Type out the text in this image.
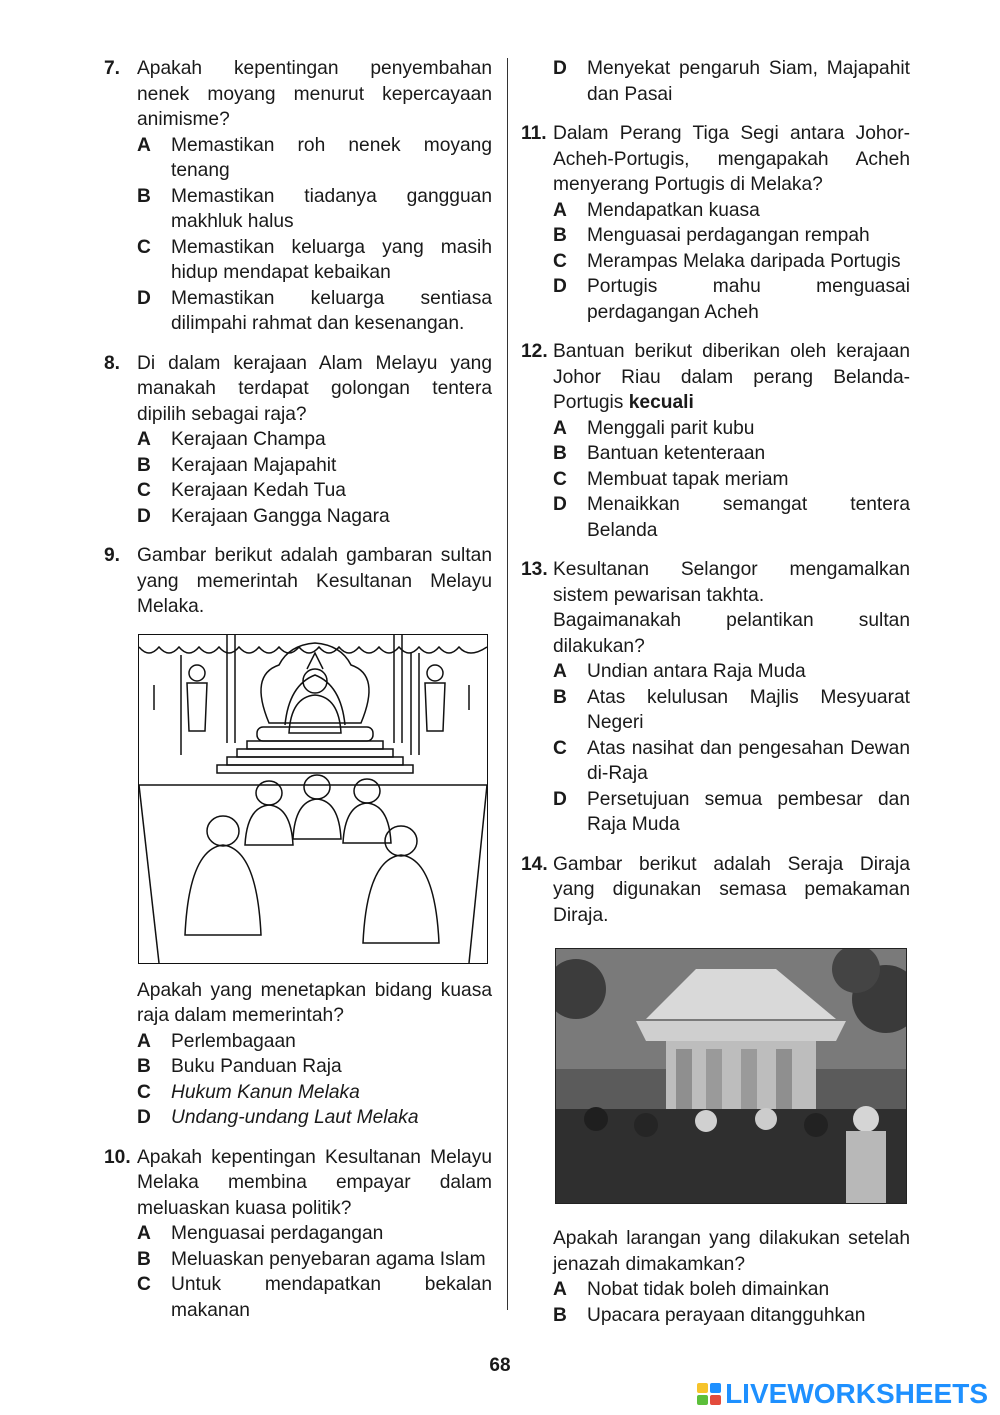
7. Apakah kepentingan penyembahan nenek moyang menurut kepercayaan animisme?
A Memastikan roh nenek moyang tenang
B Memastikan tiadanya gangguan makhluk halus
C Memastikan keluarga yang masih hidup mendapat kebaikan
D Memastikan keluarga sentiasa dilimpahi rahmat dan kesenangan.
8. Di dalam kerajaan Alam Melayu yang manakah terdapat golongan tentera dipilih sebagai raja?
A Kerajaan Champa
B Kerajaan Majapahit
C Kerajaan Kedah Tua
D Kerajaan Gangga Nagara
9. Gambar berikut adalah gambaran sultan yang memerintah Kesultanan Melayu Melaka.
Apakah yang menetapkan bidang kuasa raja dalam memerintah?
A Perlembagaan
B Buku Panduan Raja
C Hukum Kanun Melaka
D Undang-undang Laut Melaka
10. Apakah kepentingan Kesultanan Melayu Melaka membina empayar dalam meluaskan kuasa politik?
A Menguasai perdagangan
B Meluaskan penyebaran agama Islam
C Untuk mendapatkan bekalan makanan
D Menyekat pengaruh Siam, Majapahit dan Pasai
11. Dalam Perang Tiga Segi antara Johor-Acheh-Portugis, mengapakah Acheh menyerang Portugis di Melaka?
A Mendapatkan kuasa
B Menguasai perdagangan rempah
C Merampas Melaka daripada Portugis
D Portugis mahu menguasai perdagangan Acheh
12. Bantuan berikut diberikan oleh kerajaan Johor Riau dalam perang Belanda-Portugis kecuali
A Menggali parit kubu
B Bantuan ketenteraan
C Membuat tapak meriam
D Menaikkan semangat tentera Belanda
13. Kesultanan Selangor mengamalkan sistem pewarisan takhta.
Bagaimanakah pelantikan sultan dilakukan?
A Undian antara Raja Muda
B Atas kelulusan Majlis Mesyuarat Negeri
C Atas nasihat dan pengesahan Dewan di-Raja
D Persetujuan semua pembesar dan Raja Muda
14. Gambar berikut adalah Seraja Diraja yang digunakan semasa pemakaman Diraja.
Apakah larangan yang dilakukan setelah jenazah dimakamkan?
A Nobat tidak boleh dimainkan
B Upacara perayaan ditangguhkan
68
LIVEWORKSHEETS
